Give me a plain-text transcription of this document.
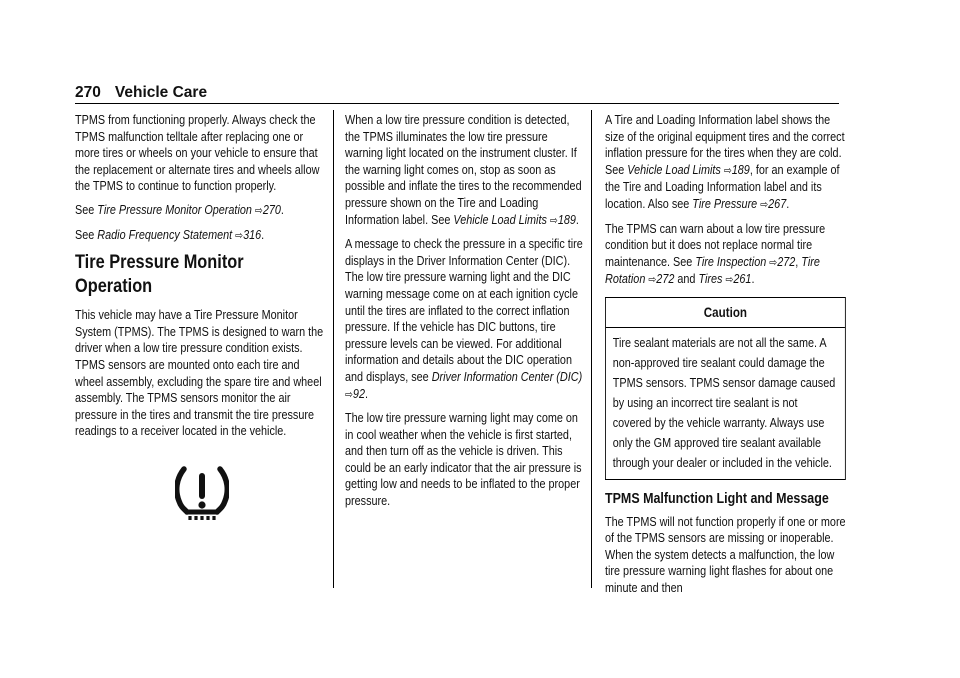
270 Vehicle Care

TPMS from functioning properly. Always check the TPMS malfunction telltale after replacing one or more tires or wheels on your vehicle to ensure that the replacement or alternate tires and wheels allow the TPMS to continue to function properly.

See Tire Pressure Monitor Operation ⇨270.

See Radio Frequency Statement ⇨316.

Tire Pressure Monitor Operation

This vehicle may have a Tire Pressure Monitor System (TPMS). The TPMS is designed to warn the driver when a low tire pressure condition exists. TPMS sensors are mounted onto each tire and wheel assembly, excluding the spare tire and wheel assembly. The TPMS sensors monitor the air pressure in the tires and transmit the tire pressure readings to a receiver located in the vehicle.

When a low tire pressure condition is detected, the TPMS illuminates the low tire pressure warning light located on the instrument cluster. If the warning light comes on, stop as soon as possible and inflate the tires to the recommended pressure shown on the Tire and Loading Information label. See Vehicle Load Limits ⇨189.

A message to check the pressure in a specific tire displays in the Driver Information Center (DIC). The low tire pressure warning light and the DIC warning message come on at each ignition cycle until the tires are inflated to the correct inflation pressure. If the vehicle has DIC buttons, tire pressure levels can be viewed. For additional information and details about the DIC operation and displays, see Driver Information Center (DIC) ⇨92.

The low tire pressure warning light may come on in cool weather when the vehicle is first started, and then turn off as the vehicle is driven. This could be an early indicator that the air pressure is getting low and needs to be inflated to the proper pressure.

A Tire and Loading Information label shows the size of the original equipment tires and the correct inflation pressure for the tires when they are cold. See Vehicle Load Limits ⇨189, for an example of the Tire and Loading Information label and its location. Also see Tire Pressure ⇨267.

The TPMS can warn about a low tire pressure condition but it does not replace normal tire maintenance. See Tire Inspection ⇨272, Tire Rotation ⇨272 and Tires ⇨261.

Caution
Tire sealant materials are not all the same. A non-approved tire sealant could damage the TPMS sensors. TPMS sensor damage caused by using an incorrect tire sealant is not covered by the vehicle warranty. Always use only the GM approved tire sealant available through your dealer or included in the vehicle.
TPMS Malfunction Light and Message

The TPMS will not function properly if one or more of the TPMS sensors are missing or inoperable. When the system detects a malfunction, the low tire pressure warning light flashes for about one minute and then
